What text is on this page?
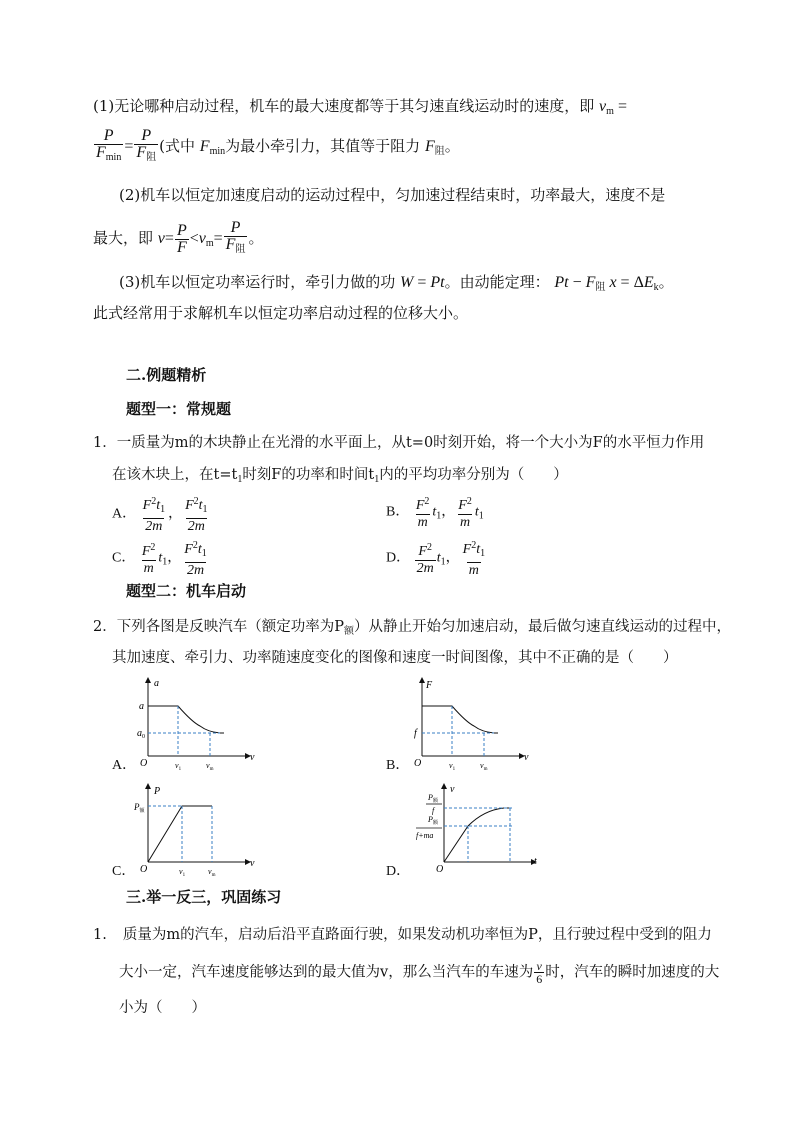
(1)无论哪种启动过程，机车的最大速度都等于其匀速直线运动时的速度，即 $v_m$ =
$\frac{P}{F_{min}} = \frac{P}{F_阻}$ (式中 $F_{min}$为最小牵引力，其值等于阻力 $F_阻$。
(2)机车以恒定加速度启动的运动过程中，匀加速过程结束时，功率最大，速度不是
最大，即 $v= \frac{P}{F} <v_m= \frac{P}{F_阻}$ 。
(3)机车以恒定功率运行时，牵引力做的功 W = Pt。由动能定理： $Pt - F_阻$ $x = \Delta E_k$。
此式经常用于求解机车以恒定功率启动过程的位移大小。
二.例题精析
题型一：常规题
1．一质量为m的木块静止在光滑的水平面上，从t=0时刻开始，将一个大小为F的水平恒力作用
在该木块上，在$t=t_1$时刻F的功率和时间$t_1$内的平均功率分别为（　　）
A． $\frac{F^2t_1}{2m}$ ， $\frac{F^2t_1}{2m}$	B． $\frac{F^2}{m} t_1$， $\frac{F^2}{m} t_1$
C． $\frac{F^2}{m} t_1$， $\frac{F^2t_1}{2m}$	D． $\frac{F^2}{2m} t_1$， $\frac{F^2t_1}{m}$
题型二：机车启动
2．下列各图是反映汽车（额定功率为$P_额$）从静止开始匀加速启动，最后做匀速直线运动的过程中，
其加速度、牵引力、功率随速度变化的图像和速度一时间图像，其中不正确的是（　　）
A．	B．
C．	D．
a
a
$a_0$
O
v
$v_1$	$v_m$
F
f
O
v
$v_1$	$v_m$
P
$P_额$
O
v
$v_1$	$v_m$
v
$P_额$
f
$P_额$
f+ma
O
t
三.举一反三，巩固练习
1. 质量为m的汽车，启动后沿平直路面行驶，如果发动机功率恒为P，且行驶过程中受到的阻力
大小一定，汽车速度能够达到的最大值为v，那么当汽车的车速为 $\frac{v}{6}$ 时，汽车的瞬时加速度的大
小为（　　）
